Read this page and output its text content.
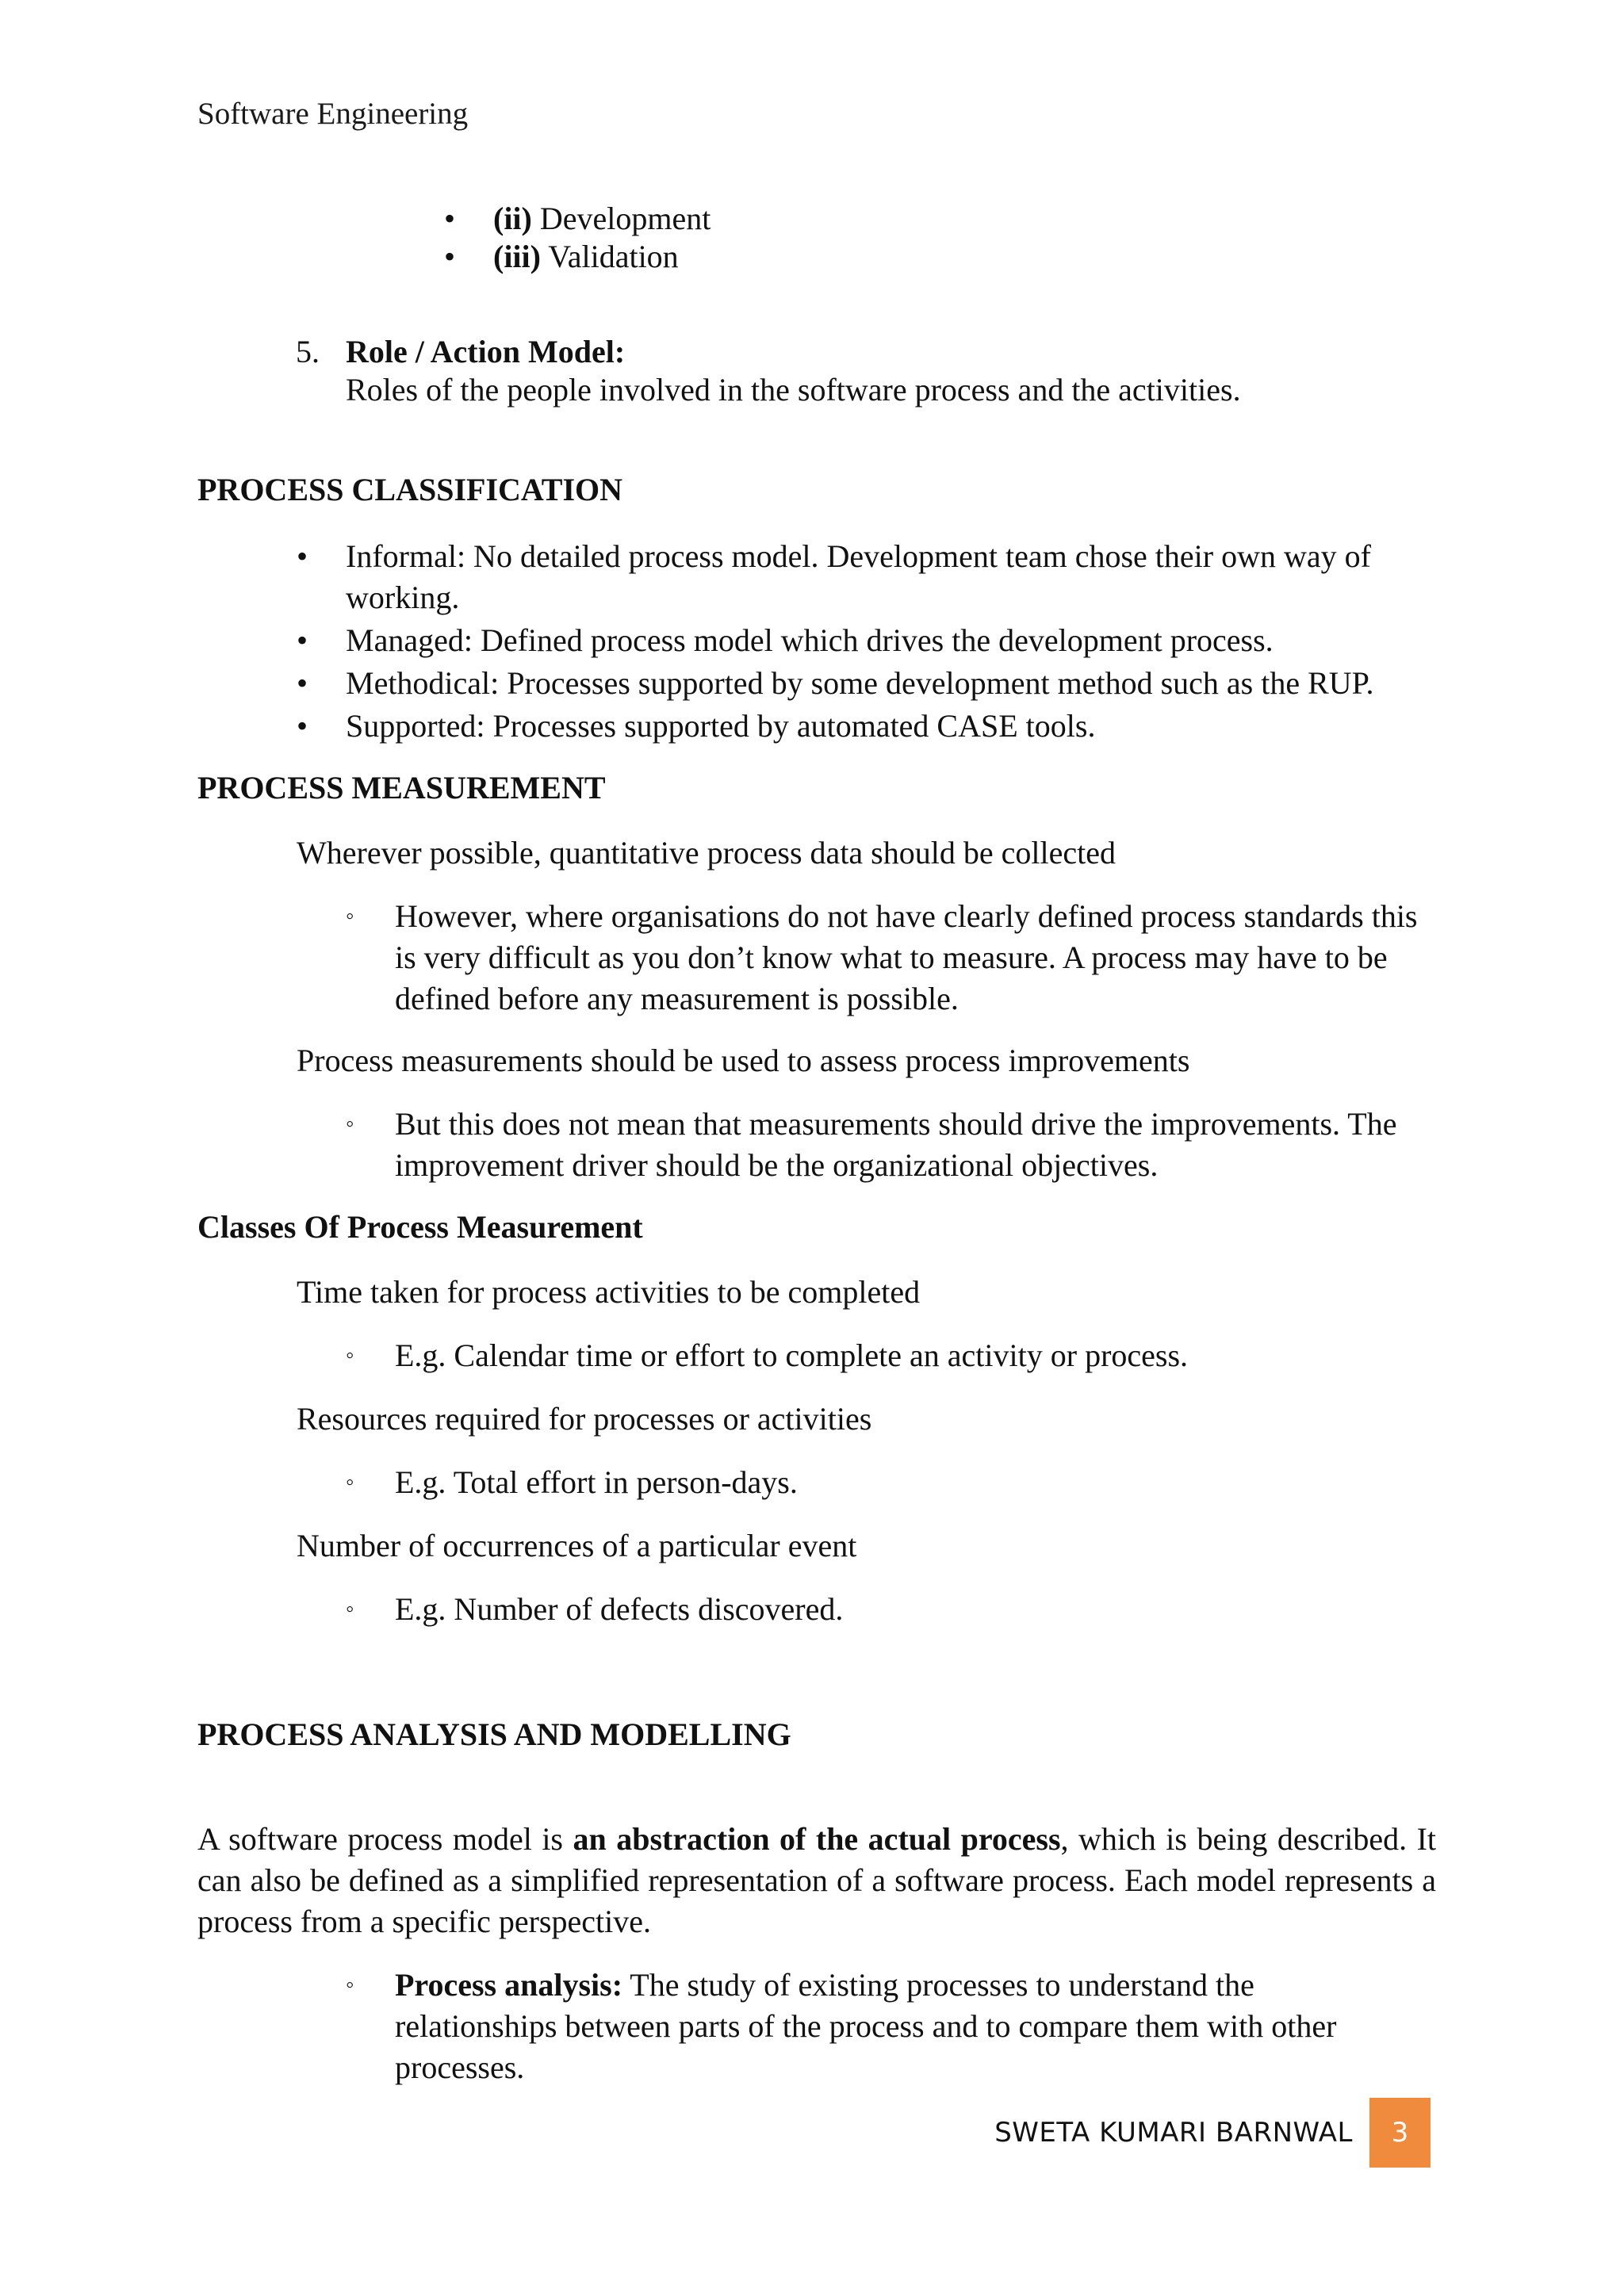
Software Engineering
• (ii) Development
• (iii) Validation
5. Role / Action Model:
Roles of the people involved in the software process and the activities.
PROCESS CLASSIFICATION
• Informal: No detailed process model. Development team chose their own way of working.
• Managed: Defined process model which drives the development process.
• Methodical: Processes supported by some development method such as the RUP.
• Supported: Processes supported by automated CASE tools.
PROCESS MEASUREMENT
Wherever possible, quantitative process data should be collected
◦ However, where organisations do not have clearly defined process standards this is very difficult as you don’t know what to measure. A process may have to be defined before any measurement is possible.
Process measurements should be used to assess process improvements
◦ But this does not mean that measurements should drive the improvements. The improvement driver should be the organizational objectives.
Classes Of Process Measurement
Time taken for process activities to be completed
◦ E.g. Calendar time or effort to complete an activity or process.
Resources required for processes or activities
◦ E.g. Total effort in person-days.
Number of occurrences of a particular event
◦ E.g. Number of defects discovered.
PROCESS ANALYSIS AND MODELLING
A software process model is an abstraction of the actual process, which is being described. It can also be defined as a simplified representation of a software process. Each model represents a process from a specific perspective.
◦ Process analysis: The study of existing processes to understand the relationships between parts of the process and to compare them with other processes.
SWETA KUMARI BARNWAL	3
